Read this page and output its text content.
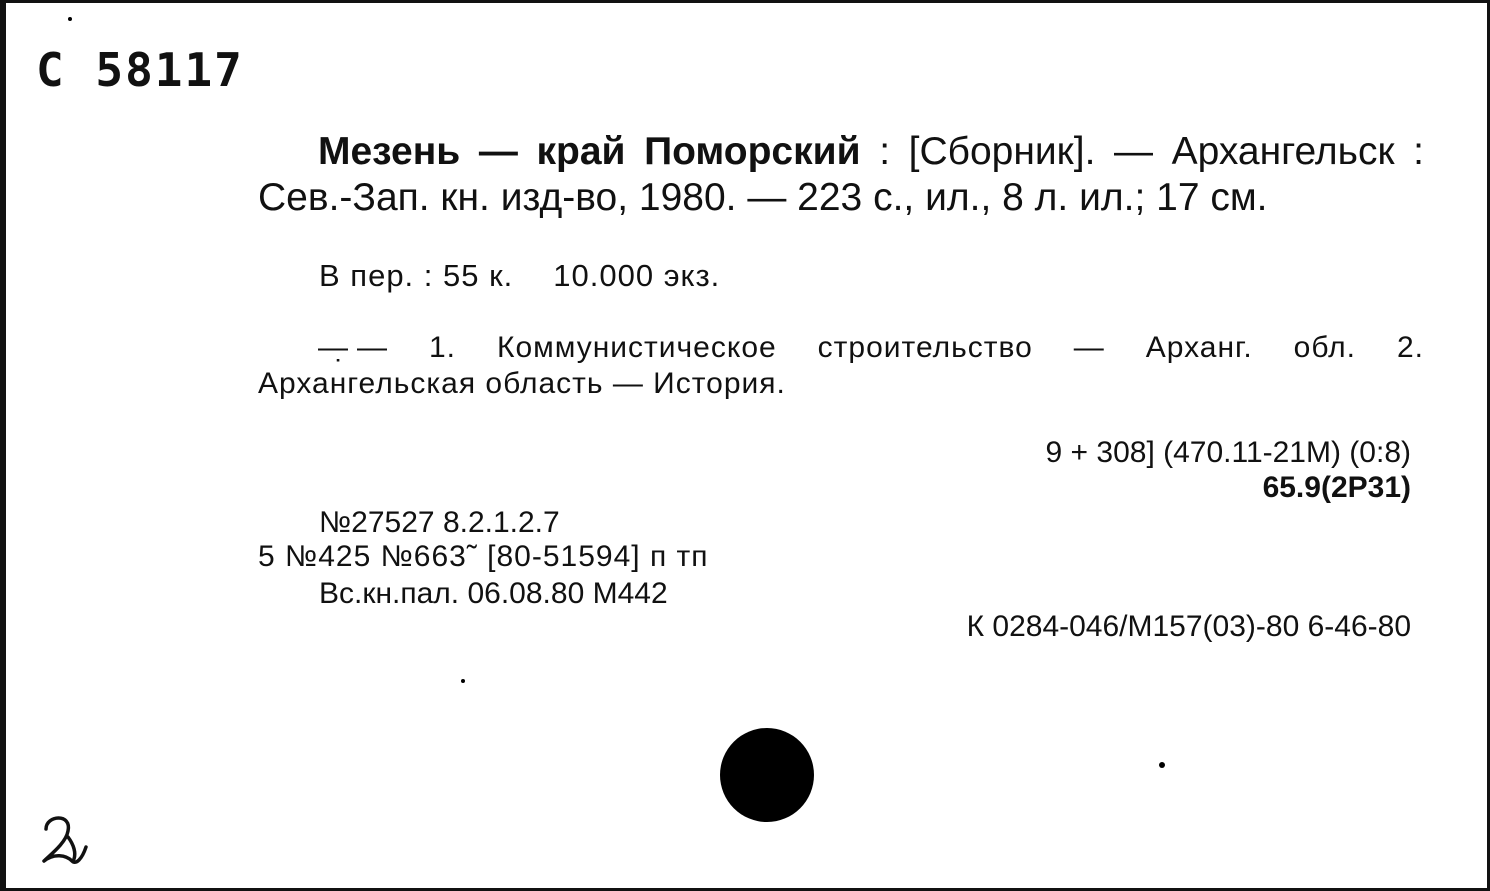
С 58117
Мезень — край Поморский : [Сборник]. — Архангельск : Сев.-Зап. кн. изд-во, 1980. — 223 с., ил., 8 л. ил.; 17 см.
В пер. : 55 к. 10.000 экз.
—̣ — 1. Коммунистическое строительство — Арханг. обл. 2. Архангельская область — История.
9 + 308] (470.11-21М) (0:8)
65.9(2Р31)
№27527 8.2.1.2.7
5 №425 №663˜ [80-51594] п тп
Вс.кн.пал. 06.08.80 М442
К 0284-046/М157(03)-80 6-46-80
